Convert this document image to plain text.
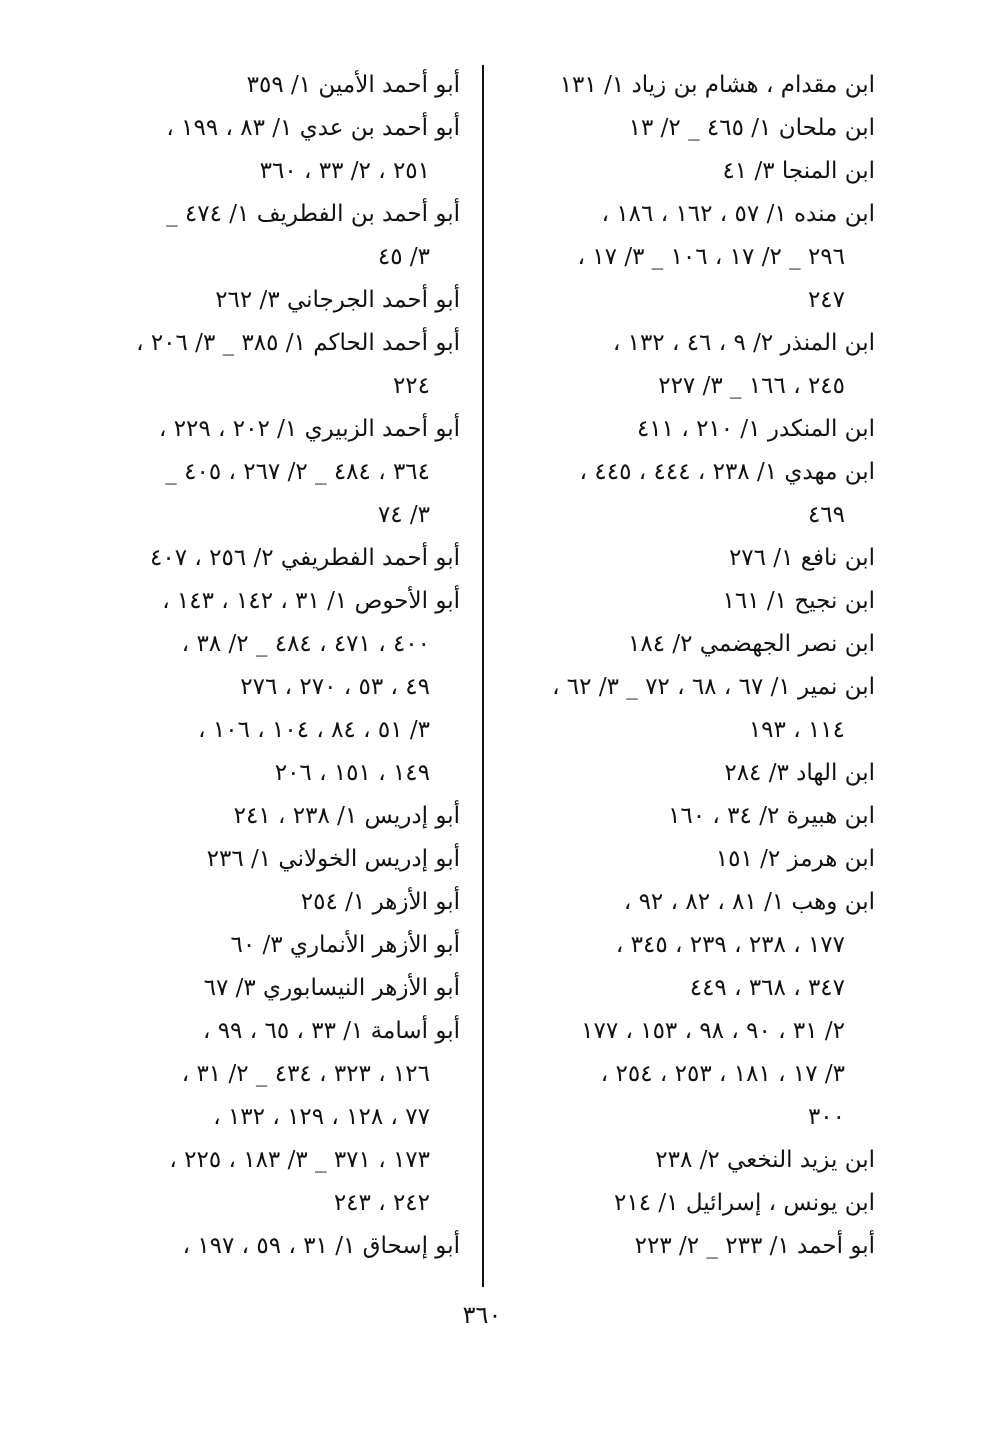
ابن مقدام ، هشام بن زياد ١/ ١٣١
ابن ملحان ١/ ٤٦٥ _ ٢/ ١٣
ابن المنجا ٣/ ٤١
ابن منده ١/ ٥٧ ، ١٦٢ ، ١٨٦ ،
٢٩٦ _ ٢/ ١٧ ، ١٠٦ _ ٣/ ١٧ ،
٢٤٧
ابن المنذر ٢/ ٩ ، ٤٦ ، ١٣٢ ،
٢٤٥ ، ١٦٦ _ ٣/ ٢٢٧
ابن المنكدر ١/ ٢١٠ ، ٤١١
ابن مهدي ١/ ٢٣٨ ، ٤٤٤ ، ٤٤٥ ،
٤٦٩
ابن نافع ١/ ٢٧٦
ابن نجيح ١/ ١٦١
ابن نصر الجهضمي ٢/ ١٨٤
ابن نمير ١/ ٦٧ ، ٦٨ ، ٧٢ _ ٣/ ٦٢ ،
١١٤ ، ١٩٣
ابن الهاد ٣/ ٢٨٤
ابن هبيرة ٢/ ٣٤ ، ١٦٠
ابن هرمز ٢/ ١٥١
ابن وهب ١/ ٨١ ، ٨٢ ، ٩٢ ،
١٧٧ ، ٢٣٨ ، ٢٣٩ ، ٣٤٥ ،
٣٤٧ ، ٣٦٨ ، ٤٤٩
٢/ ٣١ ، ٩٠ ، ٩٨ ، ١٥٣ ، ١٧٧
٣/ ١٧ ، ١٨١ ، ٢٥٣ ، ٢٥٤ ،
٣٠٠
ابن يزيد النخعي ٢/ ٢٣٨
ابن يونس ، إسرائيل ١/ ٢١٤
أبو أحمد ١/ ٢٣٣ _ ٢/ ٢٢٣
أبو أحمد الأمين ١/ ٣٥٩
أبو أحمد بن عدي ١/ ٨٣ ، ١٩٩ ،
٢٥١ ، ٢/ ٣٣ ، ٣٦٠
أبو أحمد بن الفطريف ١/ ٤٧٤ _
٣/ ٤٥
أبو أحمد الجرجاني ٣/ ٢٦٢
أبو أحمد الحاكم ١/ ٣٨٥ _ ٣/ ٢٠٦ ،
٢٢٤
أبو أحمد الزبيري ١/ ٢٠٢ ، ٢٢٩ ،
٣٦٤ ، ٤٨٤ _ ٢/ ٢٦٧ ، ٤٠٥ _
٣/ ٧٤
أبو أحمد الفطريفي ٢/ ٢٥٦ ، ٤٠٧
أبو الأحوص ١/ ٣١ ، ١٤٢ ، ١٤٣ ،
٤٠٠ ، ٤٧١ ، ٤٨٤ _ ٢/ ٣٨ ،
٤٩ ، ٥٣ ، ٢٧٠ ، ٢٧٦
٣/ ٥١ ، ٨٤ ، ١٠٤ ، ١٠٦ ،
١٤٩ ، ١٥١ ، ٢٠٦
أبو إدريس ١/ ٢٣٨ ، ٢٤١
أبو إدريس الخولاني ١/ ٢٣٦
أبو الأزهر ١/ ٢٥٤
أبو الأزهر الأنماري ٣/ ٦٠
أبو الأزهر النيسابوري ٣/ ٦٧
أبو أسامة ١/ ٣٣ ، ٦٥ ، ٩٩ ،
١٢٦ ، ٣٢٣ ، ٤٣٤ _ ٢/ ٣١ ،
٧٧ ، ١٢٨ ، ١٢٩ ، ١٣٢ ،
١٧٣ ، ٣٧١ _ ٣/ ١٨٣ ، ٢٢٥ ،
٢٤٢ ، ٢٤٣
أبو إسحاق ١/ ٣١ ، ٥٩ ، ١٩٧ ،
٣٦٠
